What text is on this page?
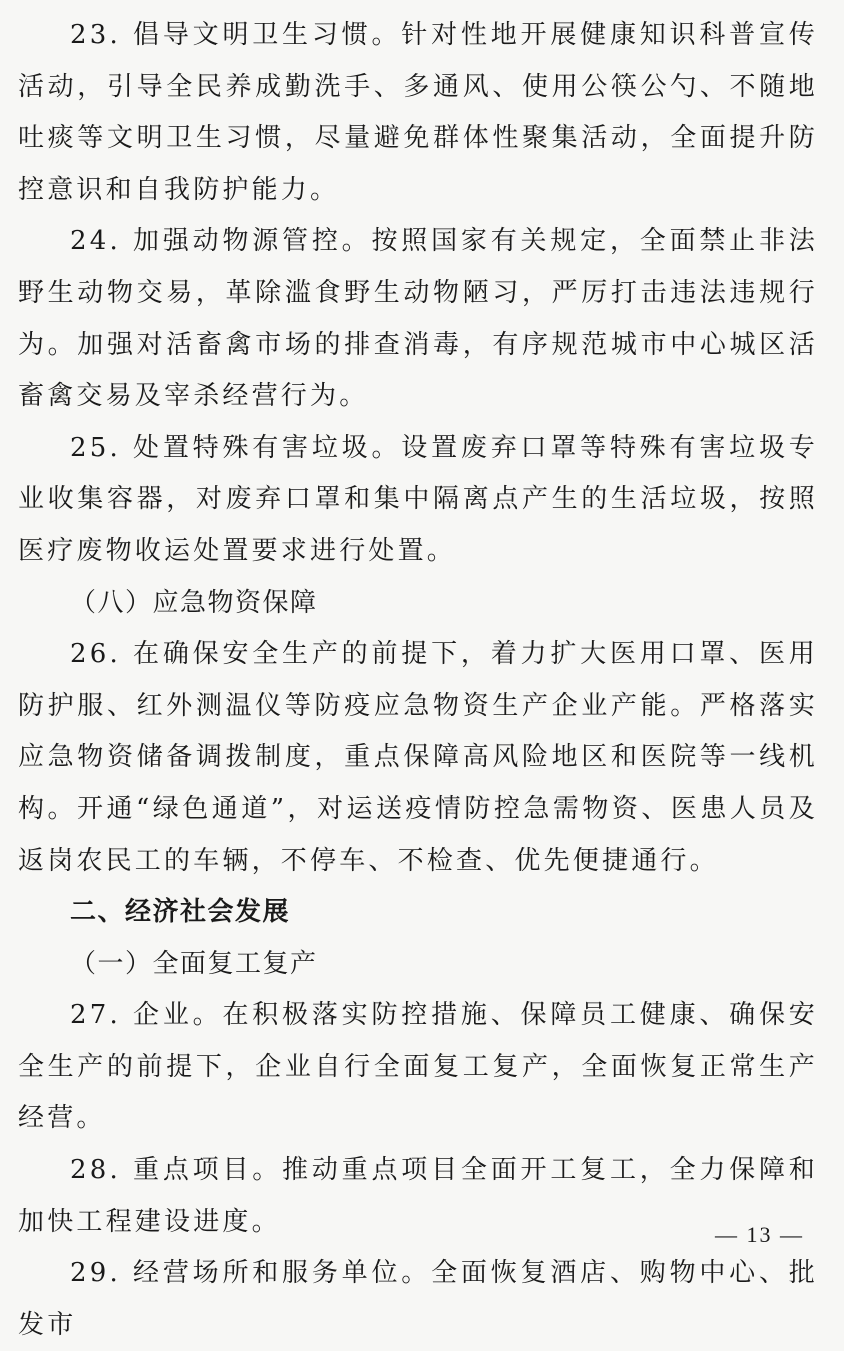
23. 倡导文明卫生习惯。针对性地开展健康知识科普宣传活动，引导全民养成勤洗手、多通风、使用公筷公勺、不随地吐痰等文明卫生习惯，尽量避免群体性聚集活动，全面提升防控意识和自我防护能力。

24. 加强动物源管控。按照国家有关规定，全面禁止非法野生动物交易，革除滥食野生动物陋习，严厉打击违法违规行为。加强对活畜禽市场的排查消毒，有序规范城市中心城区活畜禽交易及宰杀经营行为。

25. 处置特殊有害垃圾。设置废弃口罩等特殊有害垃圾专业收集容器，对废弃口罩和集中隔离点产生的生活垃圾，按照医疗废物收运处置要求进行处置。

（八）应急物资保障

26. 在确保安全生产的前提下，着力扩大医用口罩、医用防护服、红外测温仪等防疫应急物资生产企业产能。严格落实应急物资储备调拨制度，重点保障高风险地区和医院等一线机构。开通“绿色通道”，对运送疫情防控急需物资、医患人员及返岗农民工的车辆，不停车、不检查、优先便捷通行。

二、经济社会发展

（一）全面复工复产

27. 企业。在积极落实防控措施、保障员工健康、确保安全生产的前提下，企业自行全面复工复产，全面恢复正常生产经营。

28. 重点项目。推动重点项目全面开工复工，全力保障和加快工程建设进度。

29. 经营场所和服务单位。全面恢复酒店、购物中心、批发市

— 13 —
